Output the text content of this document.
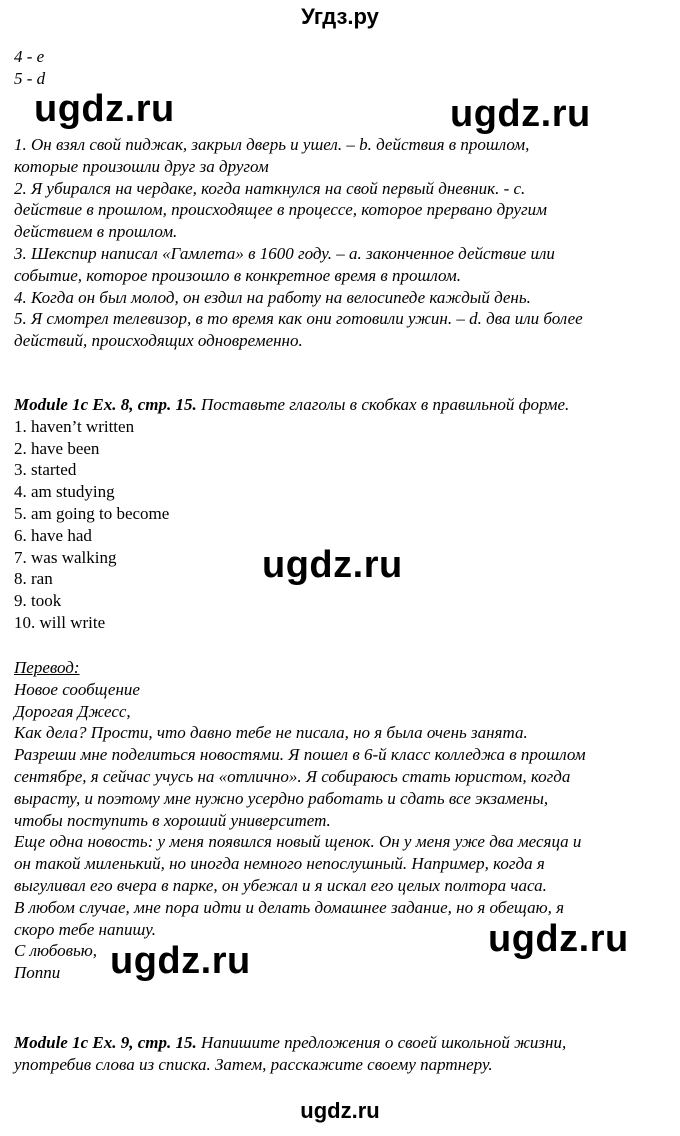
Угдз.ру
ugdz.ru	ugdz.ru
ugdz.ru
ugdz.ru
ugdz.ru
4 - e
5 - d
1. Он взял свой пиджак, закрыл дверь и ушел. – b. действия в прошлом,
которые произошли друг за другом
2. Я убирался на чердаке, когда наткнулся на свой первый дневник. - с.
действие в прошлом, происходящее в процессе, которое прервано другим
действием в прошлом.
3. Шекспир написал «Гамлета» в 1600 году. – а. законченное действие или
событие, которое произошло в конкретное время в прошлом.
4. Когда он был молод, он ездил на работу на велосипеде каждый день.
5. Я смотрел телевизор, в то время как они готовили ужин. – d. два или более
действий, происходящих одновременно.
Module 1c Ex. 8, стр. 15. Поставьте глаголы в скобках в правильной форме.
1. haven’t written
2. have been
3. started
4. am studying
5. am going to become
6. have had
7. was walking
8. ran
9. took
10. will write
Перевод:
Новое сообщение
Дорогая Джесс,
Как дела? Прости, что давно тебе не писала, но я была очень занята.
Разреши мне поделиться новостями. Я пошел в 6-й класс колледжа в прошлом
сентябре, я сейчас учусь на «отлично». Я собираюсь стать юристом, когда
вырасту, и поэтому мне нужно усердно работать и сдать все экзамены,
чтобы поступить в хороший университет.
Еще одна новость: у меня появился новый щенок. Он у меня уже два месяца и
он такой миленький, но иногда немного непослушный. Например, когда я
выгуливал его вчера в парке, он убежал и я искал его целых полтора часа.
В любом случае, мне пора идти и делать домашнее задание, но я обещаю, я
скоро тебе напишу.
С любовью,
Поппи
Module 1c Ex. 9, стр. 15. Напишите предложения о своей школьной жизни,
употребив слова из списка. Затем, расскажите своему партнеру.
ugdz.ru
